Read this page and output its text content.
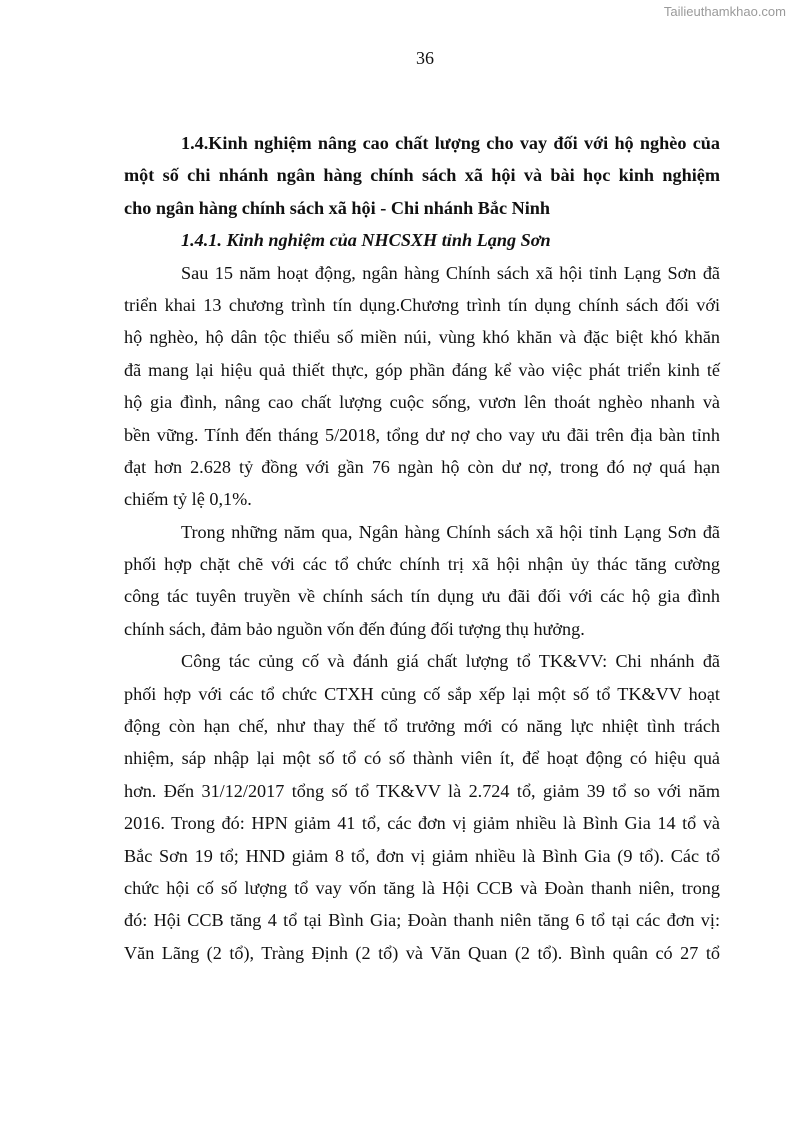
Tailieuthamkhao.com
36
1.4.Kinh nghiệm nâng cao chất lượng cho vay đối với hộ nghèo của
một số chi nhánh ngân hàng chính sách xã hội và bài học kinh nghiệm
cho ngân hàng chính sách xã hội - Chi nhánh Bắc Ninh
1.4.1. Kinh nghiệm của NHCSXH tỉnh Lạng Sơn
Sau 15 năm hoạt động, ngân hàng Chính sách xã hội tỉnh Lạng Sơn đã
triển khai 13 chương trình tín dụng.Chương trình tín dụng chính sách đối với
hộ nghèo, hộ dân tộc thiểu số miền núi, vùng khó khăn và đặc biệt khó khăn
đã mang lại hiệu quả thiết thực, góp phần đáng kể vào việc phát triển kinh tế
hộ gia đình, nâng cao chất lượng cuộc sống, vươn lên thoát nghèo nhanh và
bền vững. Tính đến tháng 5/2018, tổng dư nợ cho vay ưu đãi trên địa bàn tỉnh
đạt hơn 2.628 tỷ đồng với gần 76 ngàn hộ còn dư nợ, trong đó nợ quá hạn
chiếm tỷ lệ 0,1%.
Trong những năm qua, Ngân hàng Chính sách xã hội tỉnh Lạng Sơn đã
phối hợp chặt chẽ với các tổ chức chính trị xã hội nhận ủy thác tăng cường
công tác tuyên truyền về chính sách tín dụng ưu đãi đối với các hộ gia đình
chính sách, đảm bảo nguồn vốn đến đúng đối tượng thụ hưởng.
Công tác củng cố và đánh giá chất lượng tổ TK&VV: Chi nhánh đã
phối hợp với các tổ chức CTXH củng cố sắp xếp lại một số tổ TK&VV hoạt
động còn hạn chế, như thay thế tổ trưởng mới có năng lực nhiệt tình trách
nhiệm, sáp nhập lại một số tổ có số thành viên ít, để hoạt động có hiệu quả
hơn. Đến 31/12/2017 tổng số tổ TK&VV là 2.724 tổ, giảm 39 tổ so với năm
2016. Trong đó: HPN giảm 41 tổ, các đơn vị giảm nhiều là Bình Gia 14 tổ và
Bắc Sơn 19 tổ; HND giảm 8 tổ, đơn vị giảm nhiều là Bình Gia (9 tổ). Các tổ
chức hội cố số lượng tổ vay vốn tăng là Hội CCB và Đoàn thanh niên, trong
đó: Hội CCB tăng 4 tổ tại Bình Gia; Đoàn thanh niên tăng 6 tổ tại các đơn vị:
Văn Lãng (2 tổ), Tràng Định (2 tổ) và Văn Quan (2 tổ). Bình quân có 27 tổ
